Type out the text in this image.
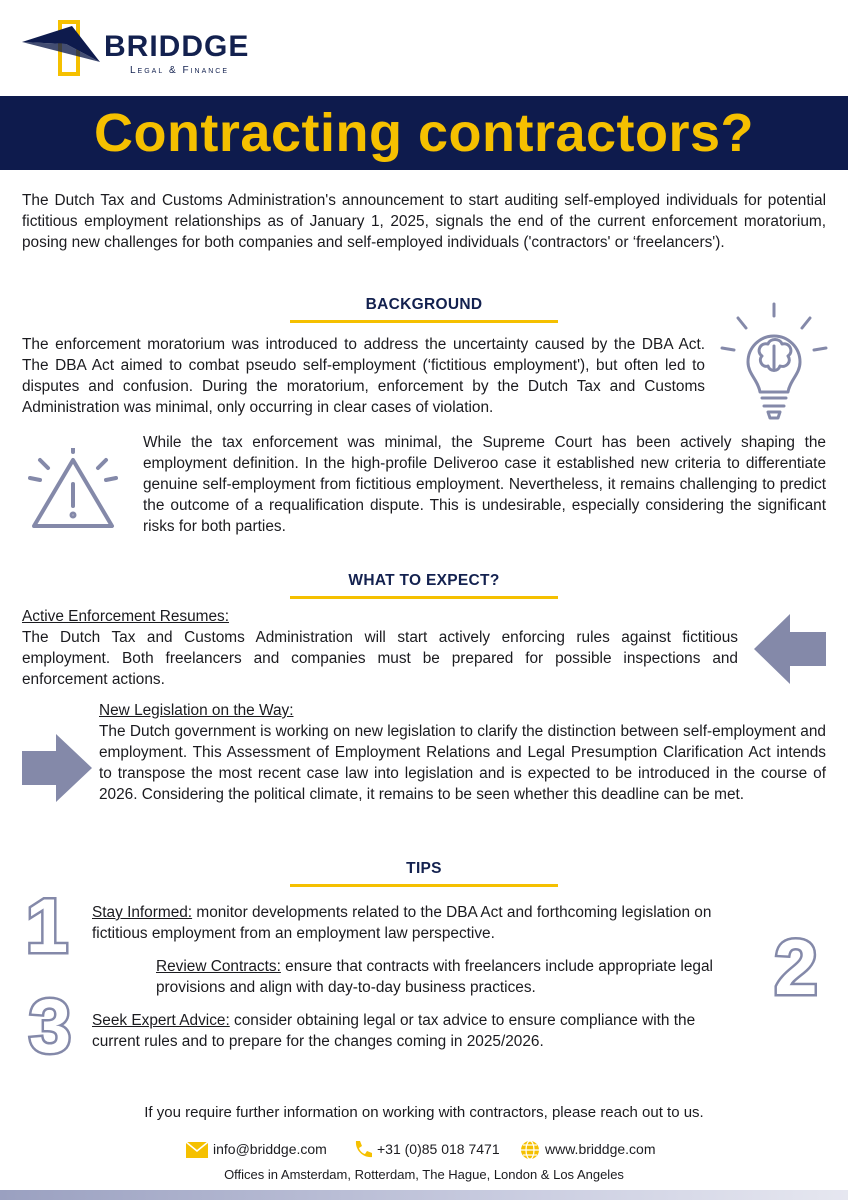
BRIDDGE
Legal & Finance
Contracting contractors?

The Dutch Tax and Customs Administration's announcement to start auditing self-employed individuals for potential fictitious employment relationships as of January 1, 2025, signals the end of the current enforcement moratorium, posing new challenges for both companies and self-employed individuals ('contractors' or ‘freelancers').

BACKGROUND

The enforcement moratorium was introduced to address the uncertainty caused by the DBA Act. The DBA Act aimed to combat pseudo self-employment (‘fictitious employment'), but often led to disputes and confusion. During the moratorium, enforcement by the Dutch Tax and Customs Administration was minimal, only occurring in clear cases of violation.

While the tax enforcement was minimal, the Supreme Court has been actively shaping the employment definition. In the high-profile Deliveroo case it established new criteria to differentiate genuine self-employment from fictitious employment. Nevertheless, it remains challenging to predict the outcome of a requalification dispute. This is undesirable, especially considering the significant risks for both parties.

WHAT TO EXPECT?
Active Enforcement Resumes:
The Dutch Tax and Customs Administration will start actively enforcing rules against fictitious employment. Both freelancers and companies must be prepared for possible inspections and enforcement actions.
New Legislation on the Way:
The Dutch government is working on new legislation to clarify the distinction between self-employment and employment. This Assessment of Employment Relations and Legal Presumption Clarification Act intends to transpose the most recent case law into legislation and is expected to be introduced in the course of 2026. Considering the political climate, it remains to be seen whether this deadline can be met.
TIPS
1 Stay Informed: monitor developments related to the DBA Act and forthcoming legislation on fictitious employment from an employment law perspective.
Review Contracts: ensure that contracts with freelancers include appropriate legal provisions and align with day-to-day business practices.	2
3 Seek Expert Advice: consider obtaining legal or tax advice to ensure compliance with the current rules and to prepare for the changes coming in 2025/2026.
If you require further information on working with contractors, please reach out to us.
info@briddge.com	+31 (0)85 018 7471	www.briddge.com
Offices in Amsterdam, Rotterdam, The Hague, London & Los Angeles
